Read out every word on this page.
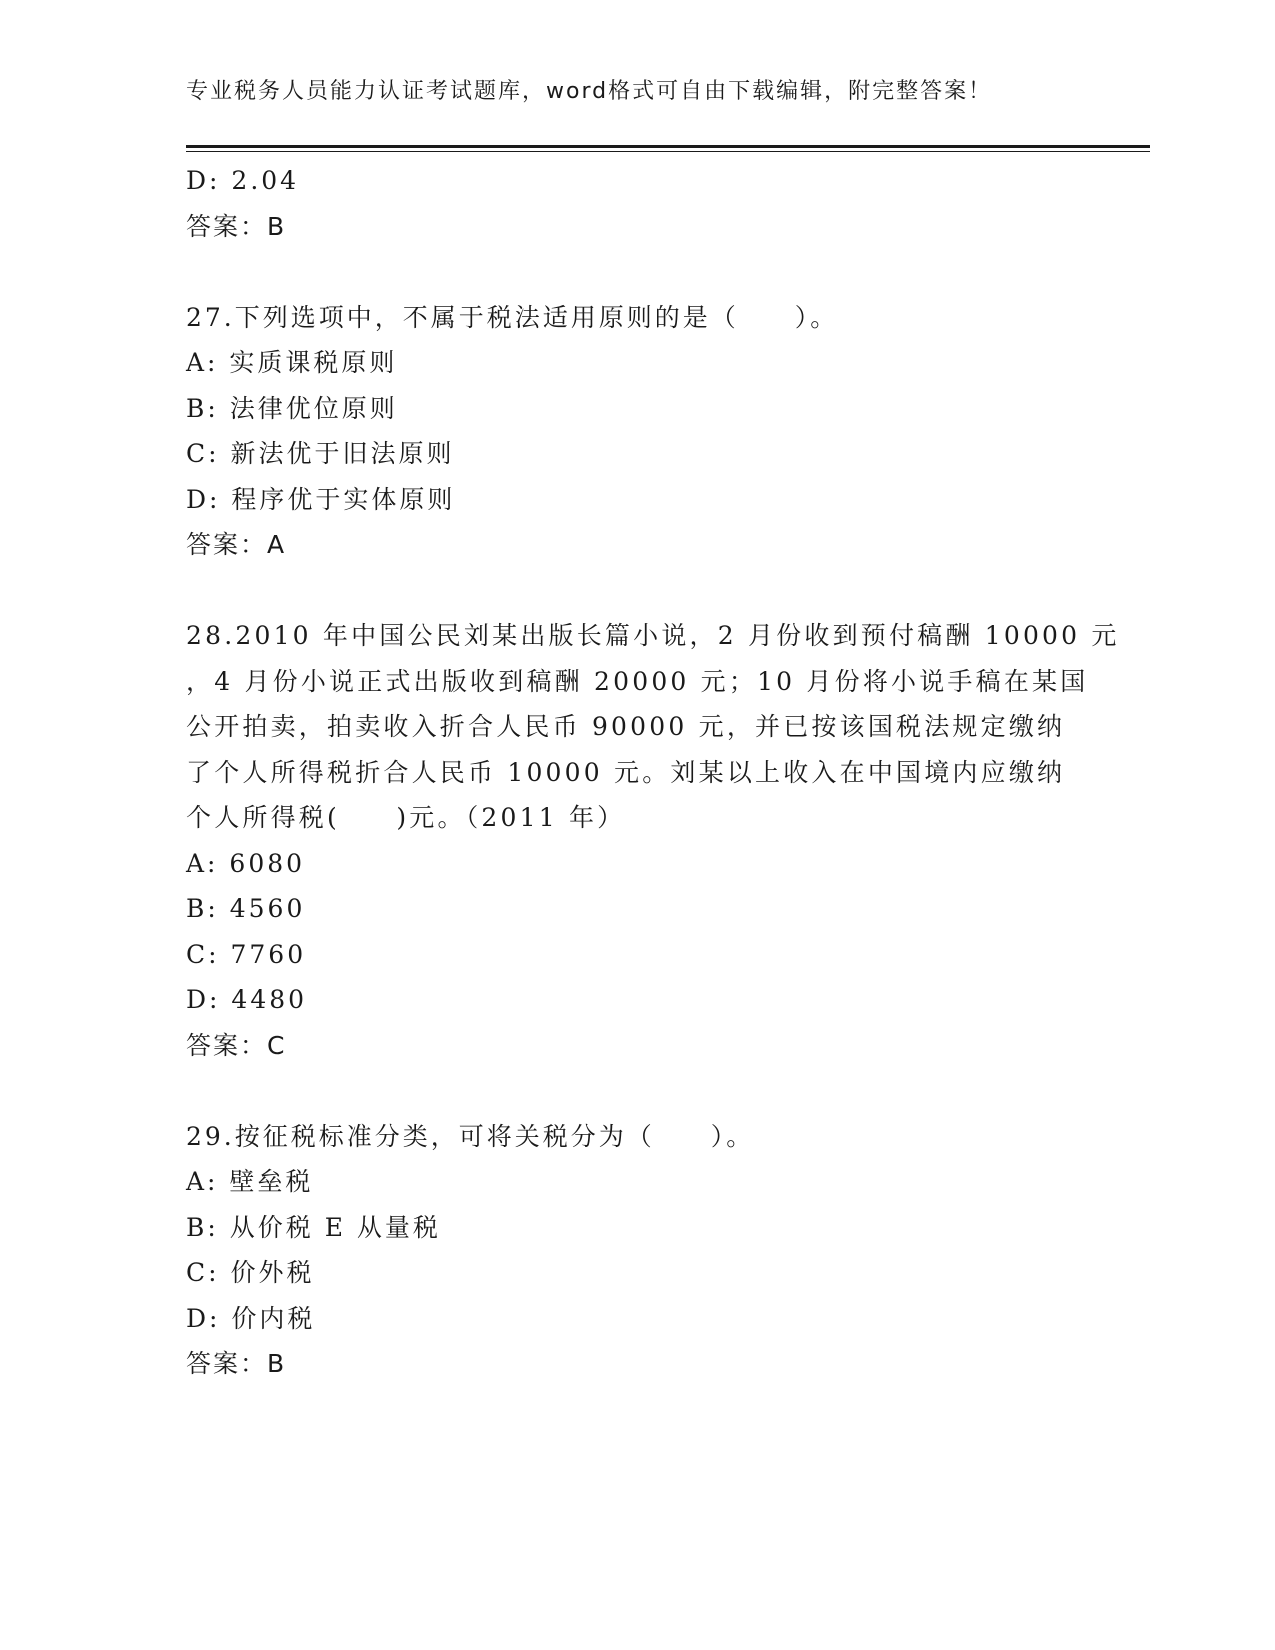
专业税务人员能力认证考试题库，word格式可自由下载编辑，附完整答案！
D: 2.04
答案：B
27.下列选项中，不属于税法适用原则的是（　　）。
A: 实质课税原则
B: 法律优位原则
C: 新法优于旧法原则
D: 程序优于实体原则
答案：A
28.2010 年中国公民刘某出版长篇小说，2 月份收到预付稿酬 10000 元
，4 月份小说正式出版收到稿酬 20000 元；10 月份将小说手稿在某国
公开拍卖，拍卖收入折合人民币 90000 元，并已按该国税法规定缴纳
了个人所得税折合人民币 10000 元。刘某以上收入在中国境内应缴纳
个人所得税(　　)元。（2011 年）
A: 6080
B: 4560
C: 7760
D: 4480
答案：C
29.按征税标准分类，可将关税分为（　　）。
A: 壁垒税
B: 从价税 E 从量税
C: 价外税
D: 价内税
答案：B
